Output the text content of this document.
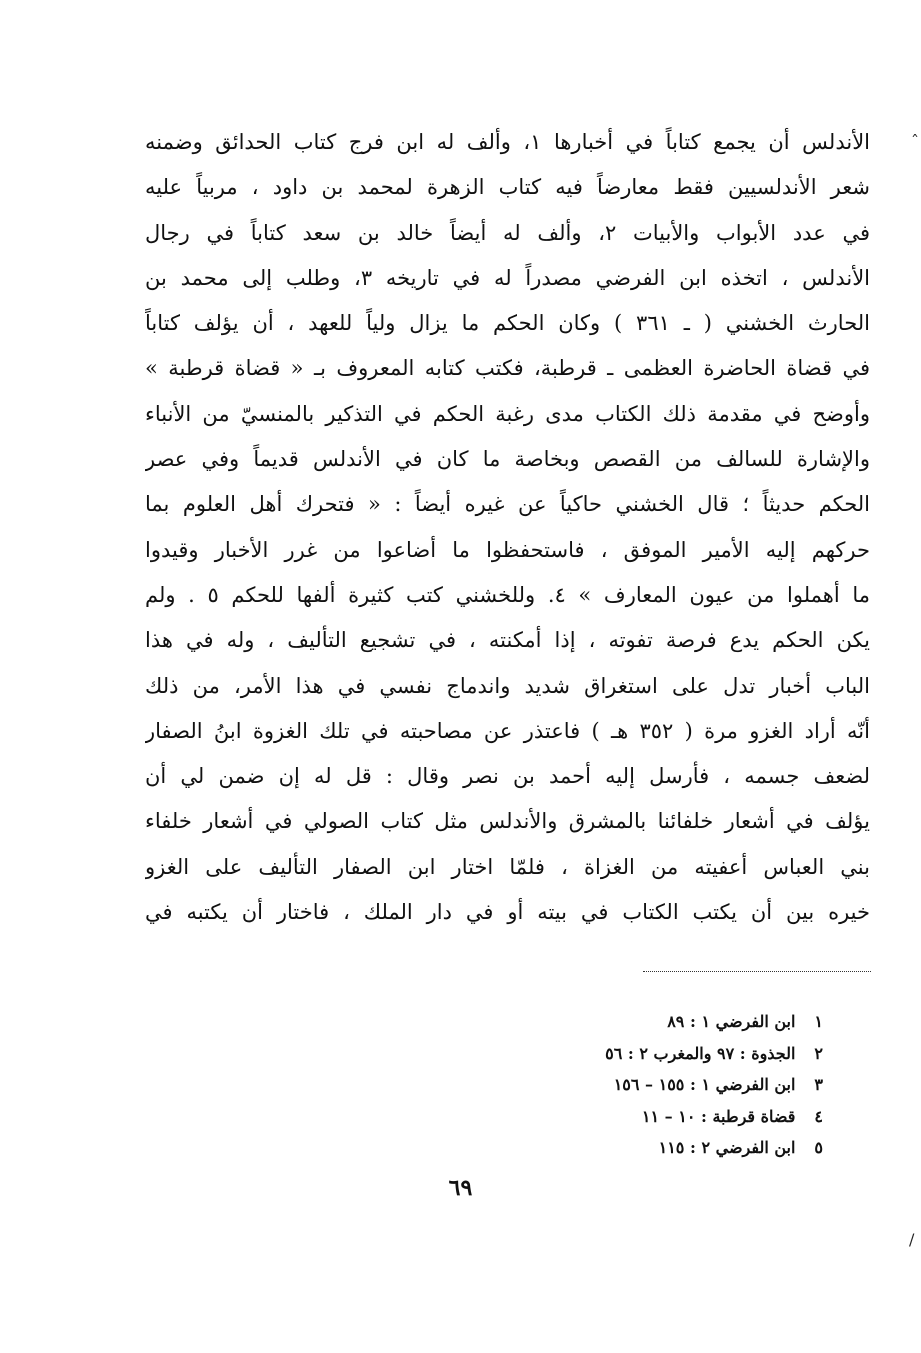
ˆ
الأندلس أن يجمع كتاباً في أخبارها ١، وألف له ابن فرج كتاب الحدائق وضمنه
شعر الأندلسيين فقط معارضاً فيه كتاب الزهرة لمحمد بن داود ، مربياً عليه
في عدد الأبواب والأبيات ٢، وألف له أيضاً خالد بن سعد كتاباً في رجال
الأندلس ، اتخذه ابن الفرضي مصدراً له في تاريخه ٣، وطلب إلى محمد بن
الحارث الخشني ( ـ ٣٦١ ) وكان الحكم ما يزال ولياً للعهد ، أن يؤلف كتاباً
في قضاة الحاضرة العظمى ـ قرطبة، فكتب كتابه المعروف بـ « قضاة قرطبة »
وأوضح في مقدمة ذلك الكتاب مدى رغبة الحكم في التذكير بالمنسيّ من الأنباء
والإشارة للسالف من القصص وبخاصة ما كان في الأندلس قديماً وفي عصر
الحكم حديثاً ؛ قال الخشني حاكياً عن غيره أيضاً : « فتحرك أهل العلوم بما
حركهم إليه الأمير الموفق ، فاستحفظوا ما أضاعوا من غرر الأخبار وقيدوا
ما أهملوا من عيون المعارف » ٤. وللخشني كتب كثيرة ألفها للحكم ٥ . ولم
يكن الحكم يدع فرصة تفوته ، إذا أمكنته ، في تشجيع التأليف ، وله في هذا
الباب أخبار تدل على استغراق شديد واندماج نفسي في هذا الأمر، من ذلك
أنّه أراد الغزو مرة ( ٣٥٢ هـ ) فاعتذر عن مصاحبته في تلك الغزوة ابنُ الصفار
لضعف جسمه ، فأرسل إليه أحمد بن نصر وقال : قل له إن ضمن لي أن
يؤلف في أشعار خلفائنا بالمشرق والأندلس مثل كتاب الصولي في أشعار خلفاء
بني العباس أعفيته من الغزاة ، فلمّا اختار ابن الصفار التأليف على الغزو
خيره بين أن يكتب الكتاب في بيته أو في دار الملك ، فاختار أن يكتبه في
١ ابن الفرضي ١ : ٨٩
٢ الجذوة : ٩٧ والمغرب ٢ : ٥٦
٣ ابن الفرضي ١ : ١٥٥ – ١٥٦
٤ قضاة قرطبة : ١٠ – ١١
٥ ابن الفرضي ٢ : ١١٥
٦٩
/
